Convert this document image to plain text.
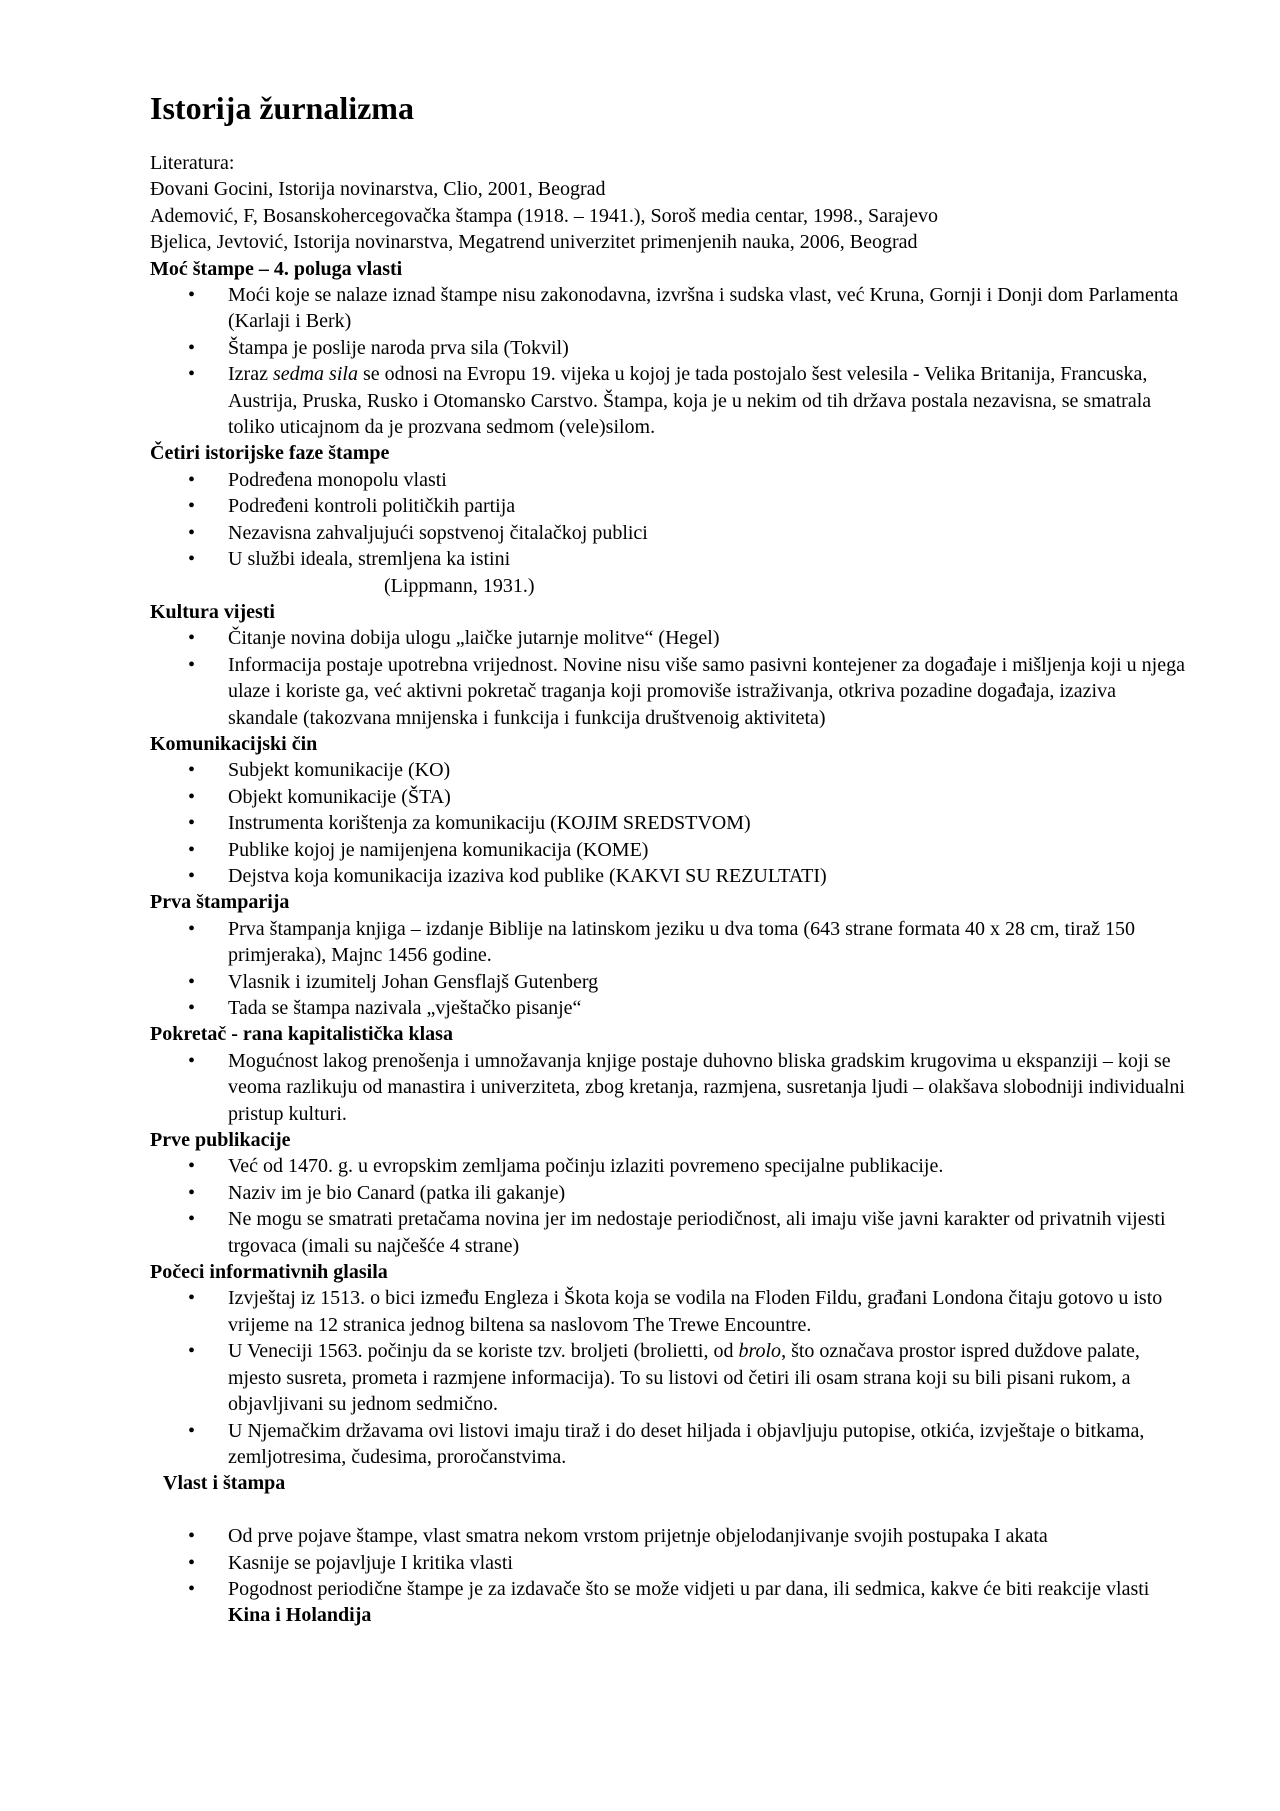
Istorija žurnalizma

Literatura:

Đovani Gocini, Istorija novinarstva, Clio, 2001, Beograd

Ademović, F, Bosanskohercegovačka štampa (1918. – 1941.), Soroš media centar, 1998., Sarajevo

Bjelica, Jevtović, Istorija novinarstva, Megatrend univerzitet primenjenih nauka, 2006, Beograd

Moć štampe – 4. poluga vlasti

• Moći koje se nalaze iznad štampe nisu zakonodavna, izvršna i sudska vlast, već Kruna, Gornji i Donji dom Parlamenta (Karlaji i Berk)
• Štampa je poslije naroda prva sila (Tokvil)
• Izraz sedma sila se odnosi na Evropu 19. vijeka u kojoj je tada postojalo šest velesila - Velika Britanija, Francuska, Austrija, Pruska, Rusko i Otomansko Carstvo. Štampa, koja je u nekim od tih država postala nezavisna, se smatrala toliko uticajnom da je prozvana sedmom (vele)silom.

Četiri istorijske faze štampe

• Podređena monopolu vlasti
• Podređeni kontroli političkih partija
• Nezavisna zahvaljujući sopstvenoj čitalačkoj publici
• U službi ideala, stremljena ka istini

(Lippmann, 1931.)

Kultura vijesti

• Čitanje novina dobija ulogu „laičke jutarnje molitve“ (Hegel)
• Informacija postaje upotrebna vrijednost. Novine nisu više samo pasivni kontejener za događaje i mišljenja koji u njega ulaze i koriste ga, već aktivni pokretač traganja koji promoviše istraživanja, otkriva pozadine događaja, izaziva skandale (takozvana mnijenska i funkcija i funkcija društvenoig aktiviteta)

Komunikacijski čin

• Subjekt komunikacije (KO)
• Objekt komunikacije (ŠTA)
• Instrumenta korištenja za komunikaciju (KOJIM SREDSTVOM)
• Publike kojoj je namijenjena komunikacija (KOME)
• Dejstva koja komunikacija izaziva kod publike (KAKVI SU REZULTATI)

Prva štamparija

• Prva štampanja knjiga – izdanje Biblije na latinskom jeziku u dva toma (643 strane formata 40 x 28 cm, tiraž 150 primjeraka), Majnc 1456 godine.
• Vlasnik i izumitelj Johan Gensflajš Gutenberg
• Tada se štampa nazivala „vještačko pisanje“

Pokretač - rana kapitalistička klasa

• Mogućnost lakog prenošenja i umnožavanja knjige postaje duhovno bliska gradskim krugovima u ekspanziji – koji se veoma razlikuju od manastira i univerziteta, zbog kretanja, razmjena, susretanja ljudi – olakšava slobodniji individualni pristup kulturi.

Prve publikacije

• Već od 1470. g. u evropskim zemljama počinju izlaziti povremeno specijalne publikacije.
• Naziv im je bio Canard (patka ili gakanje)
• Ne mogu se smatrati pretačama novina jer im nedostaje periodičnost, ali imaju više javni karakter od privatnih vijesti trgovaca (imali su najčešće 4 strane)

Počeci informativnih glasila

• Izvještaj iz 1513. o bici između Engleza i Škota koja se vodila na Floden Fildu, građani Londona čitaju gotovo u isto vrijeme na 12 stranica jednog biltena sa naslovom The Trewe Encountre.
• U Veneciji 1563. počinju da se koriste tzv. brolјeti (brolietti, od brolo, što označava prostor ispred duždove palate, mjesto susreta, prometa i razmjene informacija). To su listovi od četiri ili osam strana koji su bili pisani rukom, a objavljivani su jednom sedmično.
• U Njemačkim državama ovi listovi imaju tiraž i do deset hiljada i objavljuju putopise, otkića, izvještaje o bitkama, zemljotresima, čudesima, proročanstvima.

Vlast i štampa

• Od prve pojave štampe, vlast smatra nekom vrstom prijetnje objelodanjivanje svojih postupaka I akata
• Kasnije se pojavljuje I kritika vlasti
• Pogodnost periodične štampe je za izdavače što se može vidjeti u par dana, ili sedmica, kakve će biti reakcije vlasti

Kina i Holandija
